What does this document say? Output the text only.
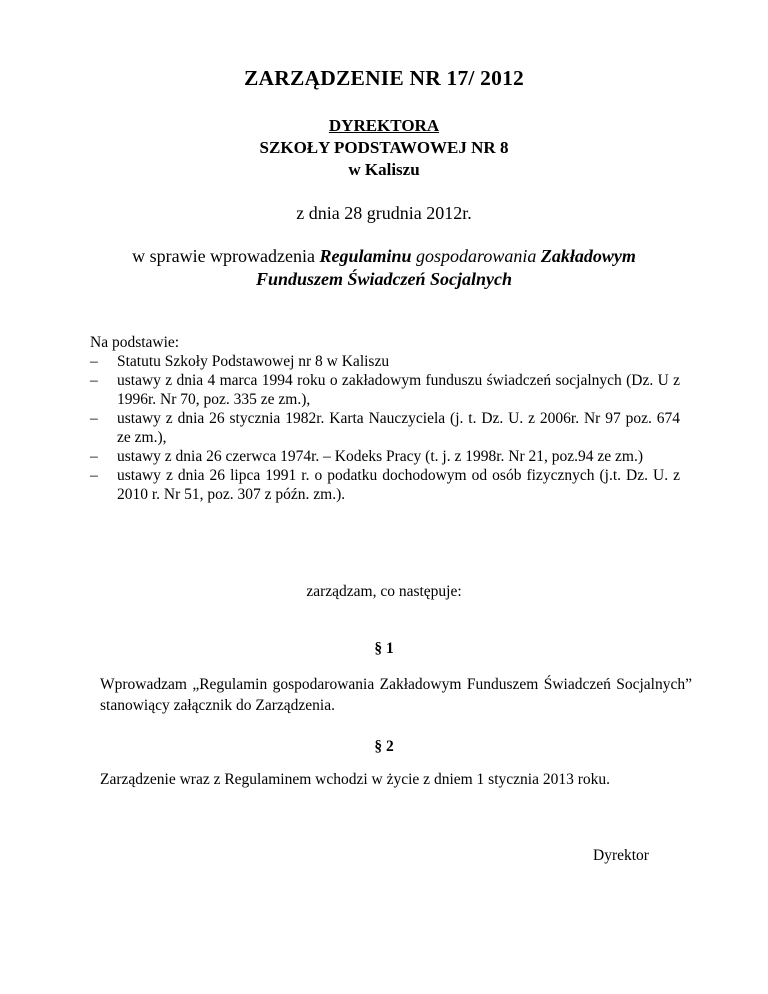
ZARZĄDZENIE NR 17/ 2012
DYREKTORA
SZKOŁY PODSTAWOWEJ NR 8
w Kaliszu
z dnia 28 grudnia 2012r.
w sprawie wprowadzenia Regulaminu gospodarowania Zakładowym
Funduszem Świadczeń Socjalnych

Na podstawie:

– Statutu Szkoły Podstawowej nr 8 w Kaliszu
– ustawy z dnia 4 marca 1994 roku o zakładowym funduszu świadczeń socjalnych (Dz. U z 1996r. Nr 70, poz. 335 ze zm.),
– ustawy z dnia 26 stycznia 1982r. Karta Nauczyciela (j. t. Dz. U. z 2006r. Nr 97 poz. 674 ze zm.),
– ustawy z dnia 26 czerwca 1974r. – Kodeks Pracy (t. j. z 1998r. Nr 21, poz.94 ze zm.)
– ustawy z dnia 26 lipca 1991 r. o podatku dochodowym od osób fizycznych (j.t. Dz. U. z 2010 r. Nr 51, poz. 307 z późn. zm.).
zarządzam, co następuje:
§ 1
Wprowadzam „Regulamin gospodarowania Zakładowym Funduszem Świadczeń Socjalnych” stanowiący załącznik do Zarządzenia.
§ 2
Zarządzenie wraz z Regulaminem wchodzi w życie z dniem 1 stycznia 2013 roku.
Dyrektor
